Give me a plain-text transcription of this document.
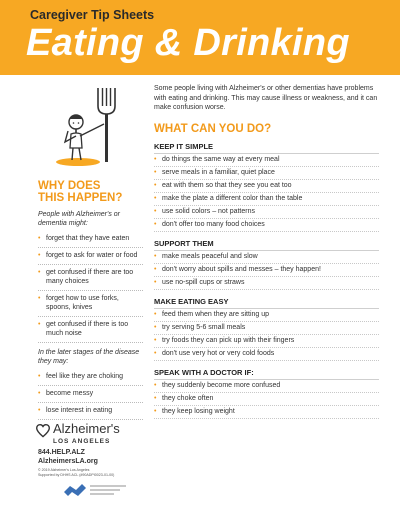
Caregiver Tip Sheets
Eating & Drinking
WHY DOES
THIS HAPPEN?
People with Alzheimer's or dementia might:
• forget that they have eaten
• forget to ask for water or food
• get confused if there are too many choices
• forget how to use forks, spoons, knives
• get confused if there is too much noise
In the later stages of the disease they may:
• feel like they are choking
• become messy
• lose interest in eating
Alzheimer's
LOS ANGELES
844.HELP.ALZ
AlzheimersLA.org
© 2019 Alzheimer's Los Angeles
Supported by DHHS ACL (#90ADPI0023-01-00)

Some people living with Alzheimer's or other dementias have problems with eating and drinking. This may cause illness or weakness, and it can make confusion worse.

WHAT CAN YOU DO?
KEEP IT SIMPLE
• do things the same way at every meal
• serve meals in a familiar, quiet place
• eat with them so that they see you eat too
• make the plate a different color than the table
• use solid colors – not patterns
• don't offer too many food choices
SUPPORT THEM
• make meals peaceful and slow
• don't worry about spills and messes – they happen!
• use no-spill cups or straws
MAKE EATING EASY
• feed them when they are sitting up
• try serving 5-6 small meals
• try foods they can pick up with their fingers
• don't use very hot or very cold foods
SPEAK WITH A DOCTOR IF:
• they suddenly become more confused
• they choke often
• they keep losing weight
